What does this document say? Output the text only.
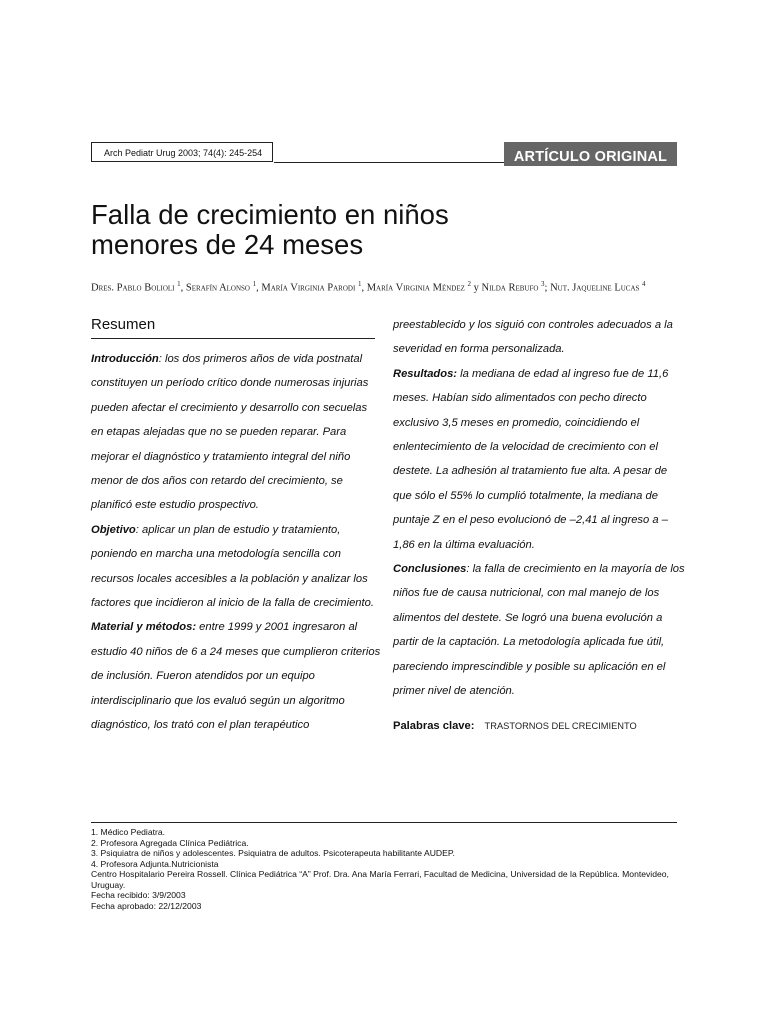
Arch Pediatr Urug 2003; 74(4): 245-254	ARTÍCULO ORIGINAL
Falla de crecimiento en niños
menores de 24 meses
Dres. Pablo Bolioli $^1$, Serafín Alonso $^1$, María Virginia Parodi $^1$, María Virginia Méndez $^2$ y Nilda Rebufo $^3$; Nut. Jaqueline Lucas $^4$
Resumen

Introducción: los dos primeros años de vida postnatal constituyen un período crítico donde numerosas injurias pueden afectar el crecimiento y desarrollo con secuelas en etapas alejadas que no se pueden reparar. Para mejorar el diagnóstico y tratamiento integral del niño menor de dos años con retardo del crecimiento, se planificó este estudio prospectivo.

Objetivo: aplicar un plan de estudio y tratamiento, poniendo en marcha una metodología sencilla con recursos locales accesibles a la población y analizar los factores que incidieron al inicio de la falla de crecimiento.

Material y métodos: entre 1999 y 2001 ingresaron al estudio 40 niños de 6 a 24 meses que cumplieron criterios de inclusión. Fueron atendidos por un equipo interdisciplinario que los evaluó según un algoritmo diagnóstico, los trató con el plan terapéutico

preestablecido y los siguió con controles adecuados a la severidad en forma personalizada.

Resultados: la mediana de edad al ingreso fue de 11,6 meses. Habían sido alimentados con pecho directo exclusivo 3,5 meses en promedio, coincidiendo el enlentecimiento de la velocidad de crecimiento con el destete. La adhesión al tratamiento fue alta. A pesar de que sólo el 55% lo cumplió totalmente, la mediana de puntaje Z en el peso evolucionó de –2,41 al ingreso a –1,86 en la última evaluación.

Conclusiones: la falla de crecimiento en la mayoría de los niños fue de causa nutricional, con mal manejo de los alimentos del destete. Se logró una buena evolución a partir de la captación. La metodología aplicada fue útil, pareciendo imprescindible y posible su aplicación en el primer nivel de atención.

Palabras clave: TRASTORNOS DEL CRECIMIENTO
1. Médico Pediatra.
2. Profesora Agregada Clínica Pediátrica.
3. Psiquiatra de niños y adolescentes. Psiquiatra de adultos. Psicoterapeuta habilitante AUDEP.
4. Profesora Adjunta.Nutricionista
Centro Hospitalario Pereira Rossell. Clínica Pediátrica “A” Prof. Dra. Ana María Ferrari, Facultad de Medicina, Universidad de la República. Montevideo, Uruguay.
Fecha recibido: 3/9/2003
Fecha aprobado: 22/12/2003
